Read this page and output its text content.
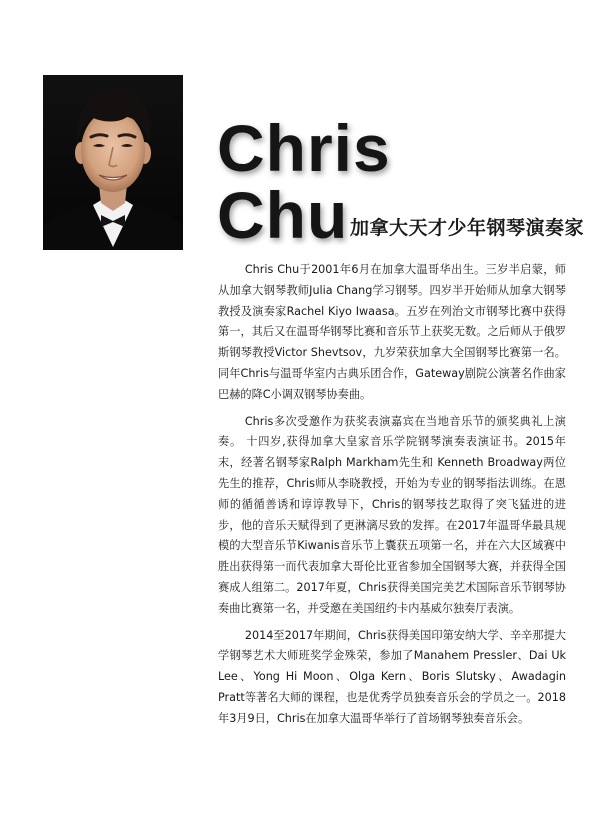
Chris
Chu 加拿大天才少年钢琴演奏家

Chris Chu于2001年6月在加拿大温哥华出生。三岁半启蒙，师从加拿大钢琴教师Julia Chang学习钢琴。四岁半开始师从加拿大钢琴教授及演奏家Rachel Kiyo Iwaasa。五岁在列治文市钢琴比赛中获得第一，其后又在温哥华钢琴比赛和音乐节上获奖无数。之后师从于俄罗斯钢琴教授Victor Shevtsov，九岁荣获加拿大全国钢琴比赛第一名。同年Chris与温哥华室内古典乐团合作，Gateway剧院公演著名作曲家巴赫的降C小调双钢琴协奏曲。

Chris多次受邀作为获奖表演嘉宾在当地音乐节的颁奖典礼上演奏。 十四岁,获得加拿大皇家音乐学院钢琴演奏表演证书。2015年末，经著名钢琴家Ralph Markham先生和 Kenneth Broadway两位先生的推荐，Chris师从李晓教授，开始为专业的钢琴指法训练。在恩师的循循善诱和谆谆教导下，Chris的钢琴技艺取得了突飞猛进的进步，他的音乐天赋得到了更淋漓尽致的发挥。在2017年温哥华最具规模的大型音乐节Kiwanis音乐节上囊获五项第一名，并在六大区域赛中胜出获得第一而代表加拿大哥伦比亚省参加全国钢琴大赛，并获得全国赛成人组第二。2017年夏，Chris获得美国完美艺术国际音乐节钢琴协奏曲比赛第一名，并受邀在美国纽约卡内基威尔独奏厅表演。

2014至2017年期间，Chris获得美国印第安纳大学、辛辛那提大学钢琴艺术大师班奖学金殊荣，参加了Manahem Pressler、Dai Uk Lee、Yong Hi Moon、Olga Kern、Boris Slutsky、Awadagin Pratt等著名大师的课程，也是优秀学员独奏音乐会的学员之一。2018年3月9日，Chris在加拿大温哥华举行了首场钢琴独奏音乐会。
